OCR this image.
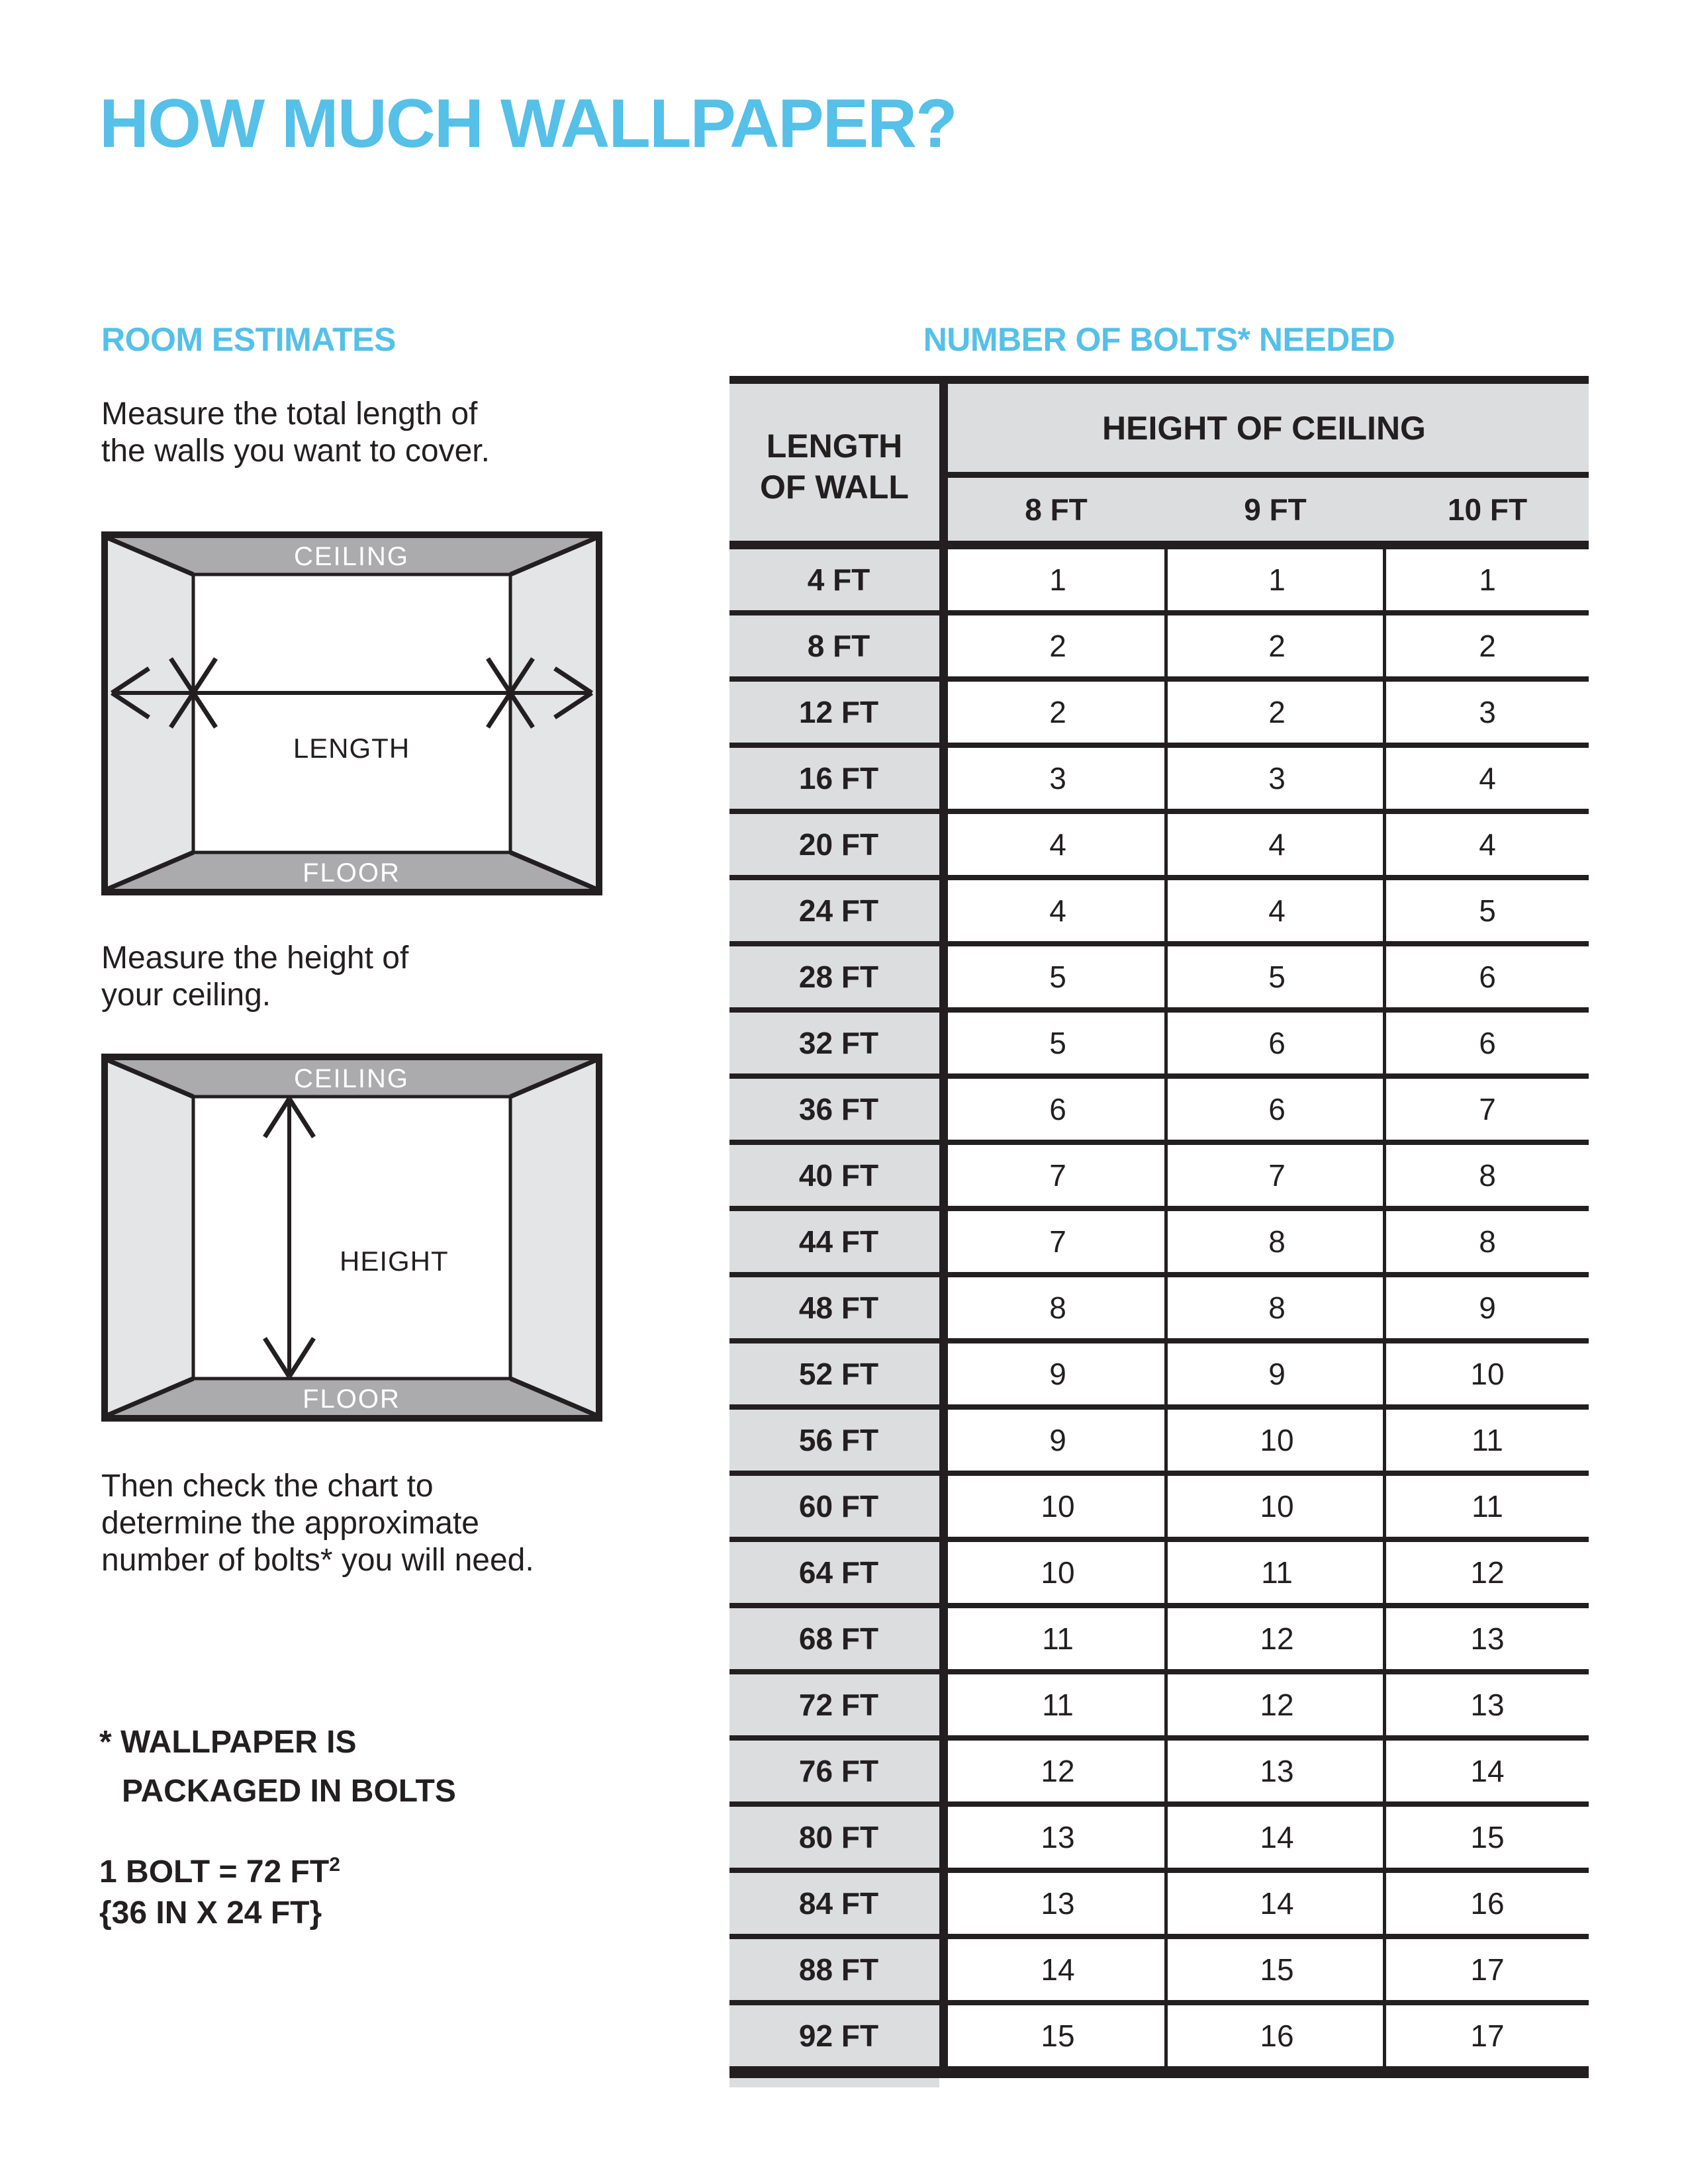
HOW MUCH WALLPAPER?
ROOM ESTIMATES	NUMBER OF BOLTS* NEEDED
Measure the total length of
the walls you want to cover.
CEILING
FLOOR
LENGTH
Measure the height of
your ceiling.
CEILING
FLOOR
HEIGHT
Then check the chart to
determine the approximate
number of bolts* you will need.
* WALLPAPER IS
PACKAGED IN BOLTS
1 BOLT = 72 $FT^2$
{36 IN X 24 FT}
LENGTH
OF WALL
HEIGHT OF CEILING
8 FT	9 FT	10 FT
4 FT	1	1	1
8 FT	2	2	2
12 FT	2	2	3
16 FT	3	3	4
20 FT	4	4	4
24 FT	4	4	5
28 FT	5	5	6
32 FT	5	6	6
36 FT	6	6	7
40 FT	7	7	8
44 FT	7	8	8
48 FT	8	8	9
52 FT	9	9	10
56 FT	9	10	11
60 FT	10	10	11
64 FT	10	11	12
68 FT	11	12	13
72 FT	11	12	13
76 FT	12	13	14
80 FT	13	14	15
84 FT	13	14	16
88 FT	14	15	17
92 FT	15	16	17
